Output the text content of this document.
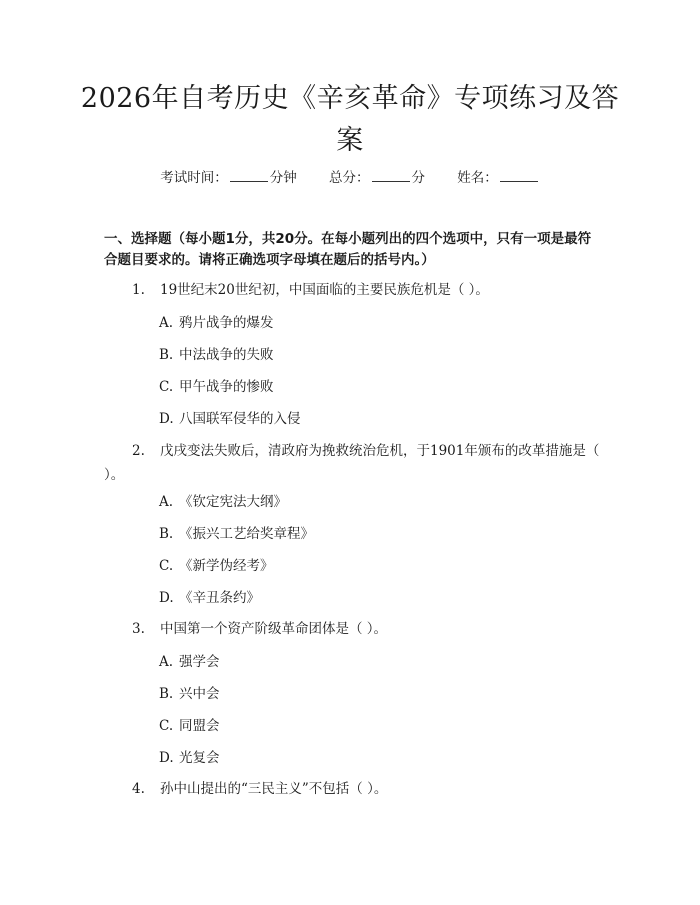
2026年自考历史《辛亥革命》专项练习及答案
考试时间：	分钟 总分：	分 姓名：

一、选择题（每小题1分，共20分。在每小题列出的四个选项中，只有一项是最符合题目要求的。请将正确选项字母填在题后的括号内。）

1. 19世纪末20世纪初，中国面临的主要民族危机是（ ）。
A. 鸦片战争的爆发
B. 中法战争的失败
C. 甲午战争的惨败
D. 八国联军侵华的入侵
2. 戊戌变法失败后，清政府为挽救统治危机，于1901年颁布的改革措施是（ ）。
A. 《钦定宪法大纲》
B. 《振兴工艺给奖章程》
C. 《新学伪经考》
D. 《辛丑条约》
3. 中国第一个资产阶级革命团体是（ ）。
A. 强学会
B. 兴中会
C. 同盟会
D. 光复会
4. 孙中山提出的“三民主义”不包括（ ）。
